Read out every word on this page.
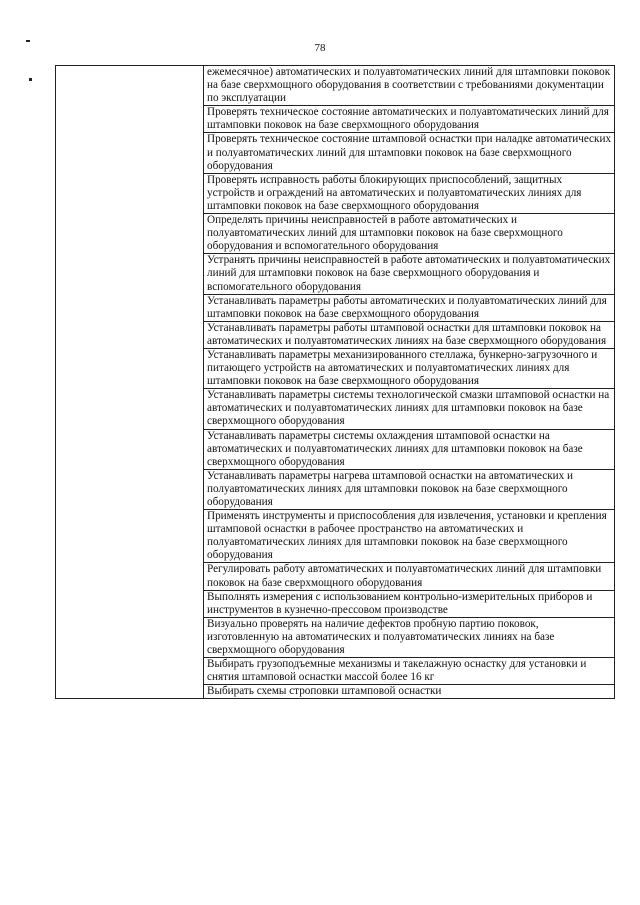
78
	ежемесячное) автоматических и полуавтоматических линий для штамповки поковок на базе сверхмощного оборудования в соответствии с требованиями документации по эксплуатации
Проверять техническое состояние автоматических и полуавтоматических линий для штамповки поковок на базе сверхмощного оборудования
Проверять техническое состояние штамповой оснастки при наладке автоматических и полуавтоматических линий для штамповки поковок на базе сверхмощного оборудования
Проверять исправность работы блокирующих приспособлений, защитных устройств и ограждений на автоматических и полуавтоматических линиях для штамповки поковок на базе сверхмощного оборудования
Определять причины неисправностей в работе автоматических и полуавтоматических линий для штамповки поковок на базе сверхмощного оборудования и вспомогательного оборудования
Устранять причины неисправностей в работе автоматических и полуавтоматических линий для штамповки поковок на базе сверхмощного оборудования и вспомогательного оборудования
Устанавливать параметры работы автоматических и полуавтоматических линий для штамповки поковок на базе сверхмощного оборудования
Устанавливать параметры работы штамповой оснастки для штамповки поковок на автоматических и полуавтоматических линиях на базе сверхмощного оборудования
Устанавливать параметры механизированного стеллажа, бункерно-загрузочного и питающего устройств на автоматических и полуавтоматических линиях для штамповки поковок на базе сверхмощного оборудования
Устанавливать параметры системы технологической смазки штамповой оснастки на автоматических и полуавтоматических линиях для штамповки поковок на базе сверхмощного оборудования
Устанавливать параметры системы охлаждения штамповой оснастки на автоматических и полуавтоматических линиях для штамповки поковок на базе сверхмощного оборудования
Устанавливать параметры нагрева штамповой оснастки на автоматических и полуавтоматических линиях для штамповки поковок на базе сверхмощного оборудования
Применять инструменты и приспособления для извлечения, установки и крепления штамповой оснастки в рабочее пространство на автоматических и полуавтоматических линиях для штамповки поковок на базе сверхмощного оборудования
Регулировать работу автоматических и полуавтоматических линий для штамповки поковок на базе сверхмощного оборудования
Выполнять измерения с использованием контрольно-измерительных приборов и инструментов в кузнечно-прессовом производстве
Визуально проверять на наличие дефектов пробную партию поковок, изготовленную на автоматических и полуавтоматических линиях на базе сверхмощного оборудования
Выбирать грузоподъемные механизмы и такелажную оснастку для установки и снятия штамповой оснастки массой более 16 кг
Выбирать схемы строповки штамповой оснастки
